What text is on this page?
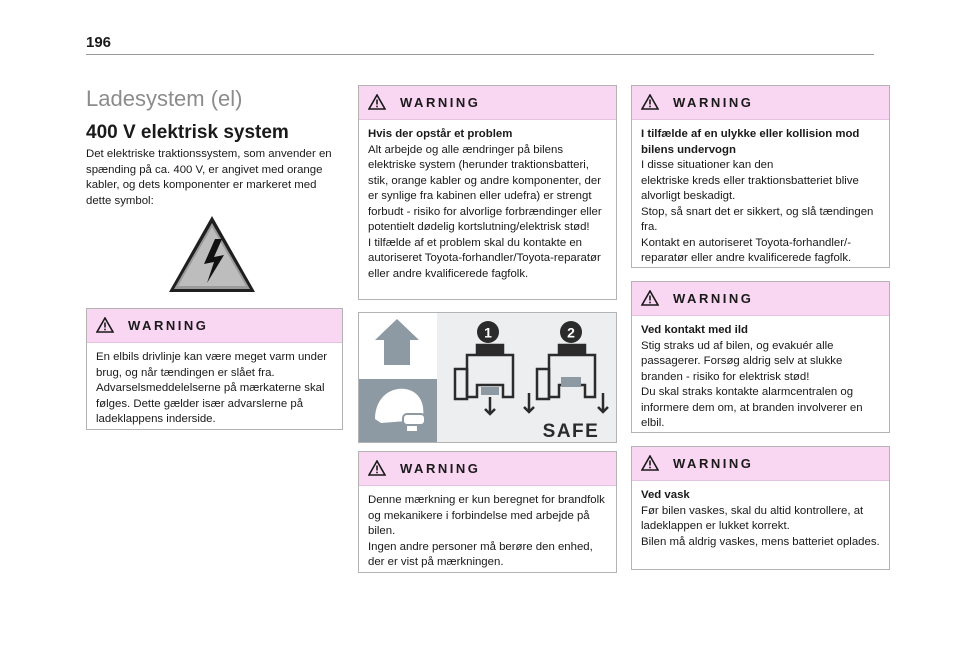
196
Ladesystem (el)
400 V elektrisk system
Det elektriske traktionssystem, som anvender en spænding på ca. 400 V, er angivet med orange kabler, og dets komponenter er markeret med dette symbol:
WARNING
En elbils drivlinje kan være meget varm under brug, og når tændingen er slået fra. Advarselsmeddelelserne på mærkaterne skal følges. Dette gælder især advarslerne på ladeklappens inderside.
WARNING
Hvis der opstår et problem
Alt arbejde og alle ændringer på bilens elektriske system (herunder traktionsbatteri, stik, orange kabler og andre komponenter, der er synlige fra kabinen eller udefra) er strengt forbudt - risiko for alvorlige forbrændinger eller potentielt dødelig kortslutning/elektrisk stød!
I tilfælde af et problem skal du kontakte en autoriseret Toyota-forhandler/Toyota-reparatør eller andre kvalificerede fagfolk.
1	2
SAFE
WARNING
Denne mærkning er kun beregnet for brandfolk og mekanikere i forbindelse med arbejde på bilen.
Ingen andre personer må berøre den enhed, der er vist på mærkningen.
WARNING
I tilfælde af en ulykke eller kollision mod bilens undervogn
I disse situationer kan den
elektriske kreds eller traktionsbatteriet blive alvorligt beskadigt.
Stop, så snart det er sikkert, og slå tændingen fra.
Kontakt en autoriseret Toyota-forhandler/-reparatør eller andre kvalificerede fagfolk.
WARNING
Ved kontakt med ild
Stig straks ud af bilen, og evakuér alle passagerer. Forsøg aldrig selv at slukke branden - risiko for elektrisk stød!
Du skal straks kontakte alarmcentralen og informere dem om, at branden involverer en elbil.
WARNING
Ved vask
Før bilen vaskes, skal du altid kontrollere, at ladeklappen er lukket korrekt.
Bilen må aldrig vaskes, mens batteriet oplades.
